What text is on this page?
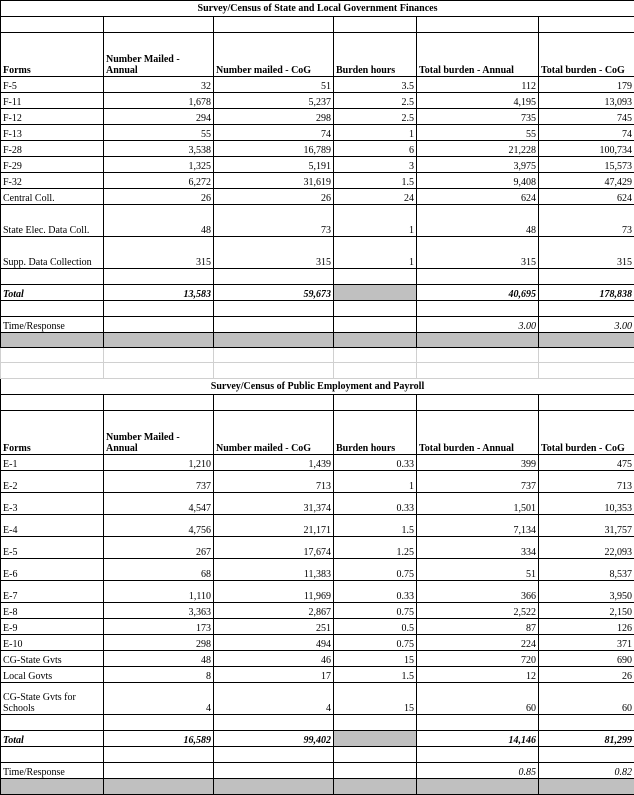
Survey/Census of State and Local Government Finances					

Forms	Number Mailed - Annual	Number mailed - CoG	Burden hours	Total burden - Annual	Total burden - CoG
F-5	32	51	3.5	112	179
F-11	1,678	5,237	2.5	4,195	13,093
F-12	294	298	2.5	735	745
F-13	55	74	1	55	74
F-28	3,538	16,789	6	21,228	100,734
F-29	1,325	5,191	3	3,975	15,573
F-32	6,272	31,619	1.5	9,408	47,429
Central Coll.	26	26	24	624	624
State Elec. Data Coll.	48	73	1	48	73
Supp. Data Collection	315	315	1	315	315

Total	13,583	59,673		40,695	178,838

Time/Response				3.00	3.00

Survey/Census of Public Employment and Payroll					

Forms	Number Mailed - Annual	Number mailed - CoG	Burden hours	Total burden - Annual	Total burden - CoG
E-1	1,210	1,439	0.33	399	475
E-2	737	713	1	737	713
E-3	4,547	31,374	0.33	1,501	10,353
E-4	4,756	21,171	1.5	7,134	31,757
E-5	267	17,674	1.25	334	22,093
E-6	68	11,383	0.75	51	8,537
E-7	1,110	11,969	0.33	366	3,950
E-8	3,363	2,867	0.75	2,522	2,150
E-9	173	251	0.5	87	126
E-10	298	494	0.75	224	371
CG-State Gvts	48	46	15	720	690
Local Govts	8	17	1.5	12	26
CG-State Gvts for Schools	4	4	15	60	60

Total	16,589	99,402		14,146	81,299

Time/Response				0.85	0.82
